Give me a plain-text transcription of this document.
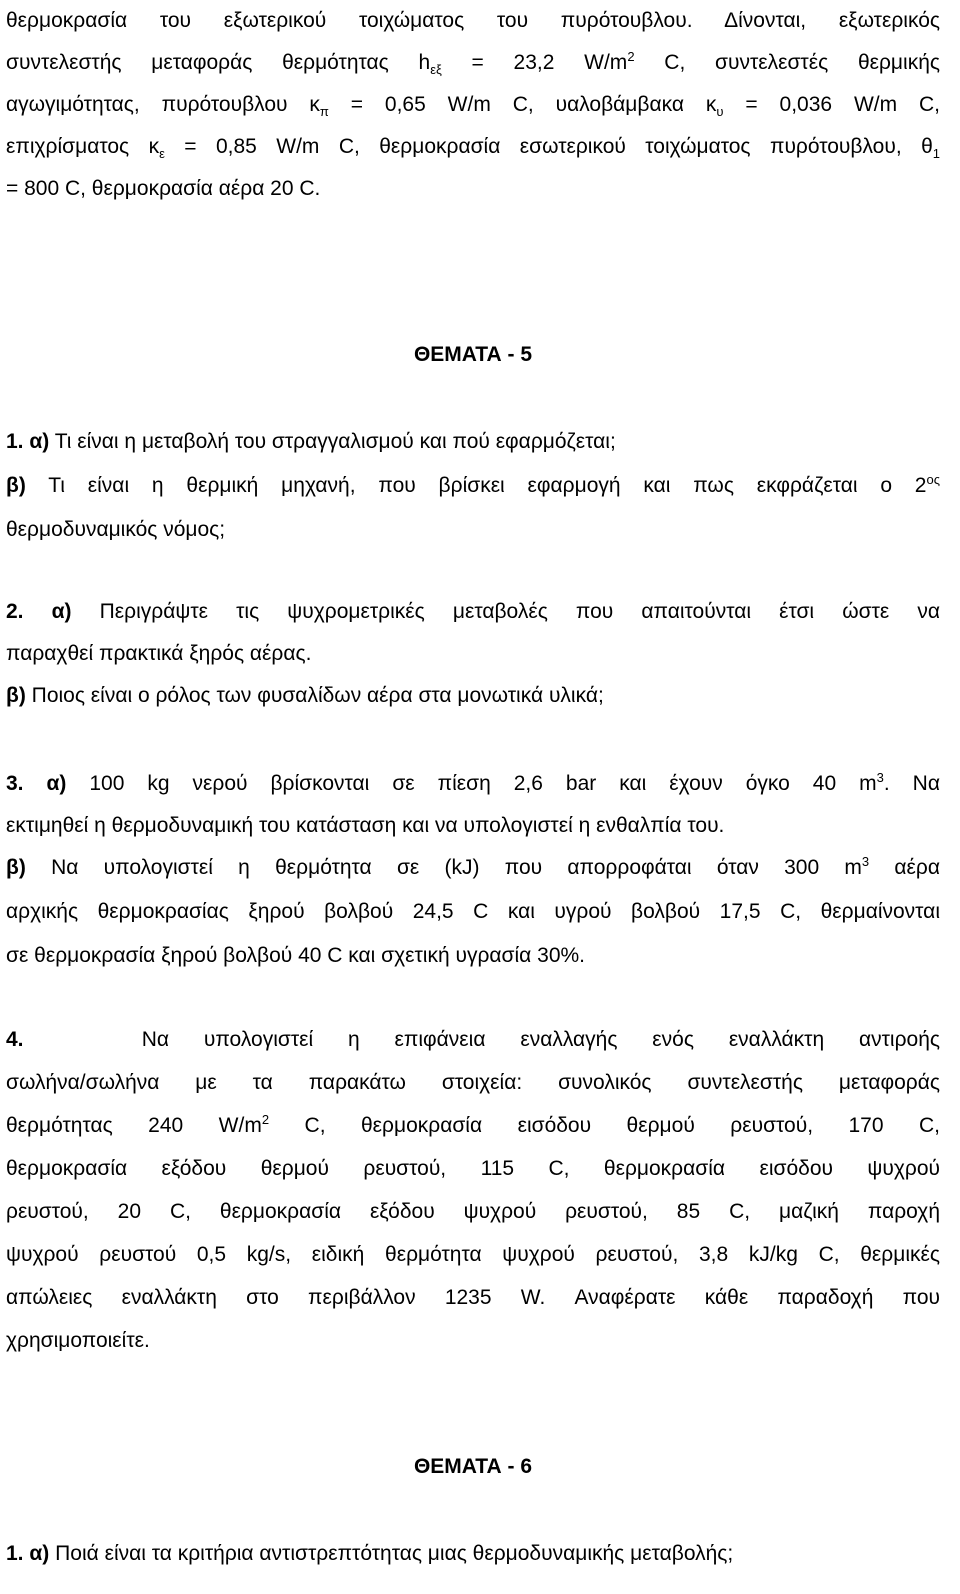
θερμοκρασία του εξωτερικού τοιχώματος του πυρότουβλου. Δίνονται, εξωτερικός
συντελεστής μεταφοράς θερμότητας $h_{\varepsilon\xi} = 23,2$ $W/m^2$ C, συντελεστές θερμικής
αγωγιμότητας, πυρότουβλου $\kappa_\pi = 0,65$ W/m C, υαλοβάμβακα $\kappa_\upsilon = 0,036$ W/m C,
επιχρίσματος $\kappa_\varepsilon = 0,85$ W/m C, θερμοκρασία εσωτερικού τοιχώματος πυρότουβλου, $\theta_1$
= 800 C, θερμοκρασία αέρα 20 C.

ΘΕΜΑΤΑ - 5
1. α) Τι είναι η μεταβολή του στραγγαλισμού και πού εφαρμόζεται;
β) Τι είναι η θερμική μηχανή, που βρίσκει εφαρμογή και πως εκφράζεται ο $2^{o\varsigma}$
θερμοδυναμικός νόμος;
2. α) Περιγράψτε τις ψυχρομετρικές μεταβολές που απαιτούνται έτσι ώστε να
παραχθεί πρακτικά ξηρός αέρας.
β) Ποιος είναι ο ρόλος των φυσαλίδων αέρα στα μονωτικά υλικά;
3. α) 100 kg νερού βρίσκονται σε πίεση 2,6 bar και έχουν όγκο 40 $m^3$. Να
εκτιμηθεί η θερμοδυναμική του κατάσταση και να υπολογιστεί η ενθαλπία του.
β) Να υπολογιστεί η θερμότητα σε (kJ) που απορροφάται όταν 300 $m^3$ αέρα
αρχικής θερμοκρασίας ξηρού βολβού 24,5 C και υγρού βολβού 17,5 C, θερμαίνονται
σε θερμοκρασία ξηρού βολβού 40 C και σχετική υγρασία 30%.
4.	Να υπολογιστεί η επιφάνεια εναλλαγής ενός εναλλάκτη αντιροής
σωλήνα/σωλήνα με τα παρακάτω στοιχεία: συνολικός συντελεστής μεταφοράς
θερμότητας 240 $W/m^2$ C, θερμοκρασία εισόδου θερμού ρευστού, 170 C,
θερμοκρασία εξόδου θερμού ρευστού, 115 C, θερμοκρασία εισόδου ψυχρού
ρευστού, 20 C, θερμοκρασία εξόδου ψυχρού ρευστού, 85 C, μαζική παροχή
ψυχρού ρευστού 0,5 kg/s, ειδική θερμότητα ψυχρού ρευστού, 3,8 kJ/kg C, θερμικές
απώλειες εναλλάκτη στο περιβάλλον 1235 W. Αναφέρατε κάθε παραδοχή που
χρησιμοποιείτε.
ΘΕΜΑΤΑ - 6
1. α) Ποιά είναι τα κριτήρια αντιστρεπτότητας μιας θερμοδυναμικής μεταβολής;
